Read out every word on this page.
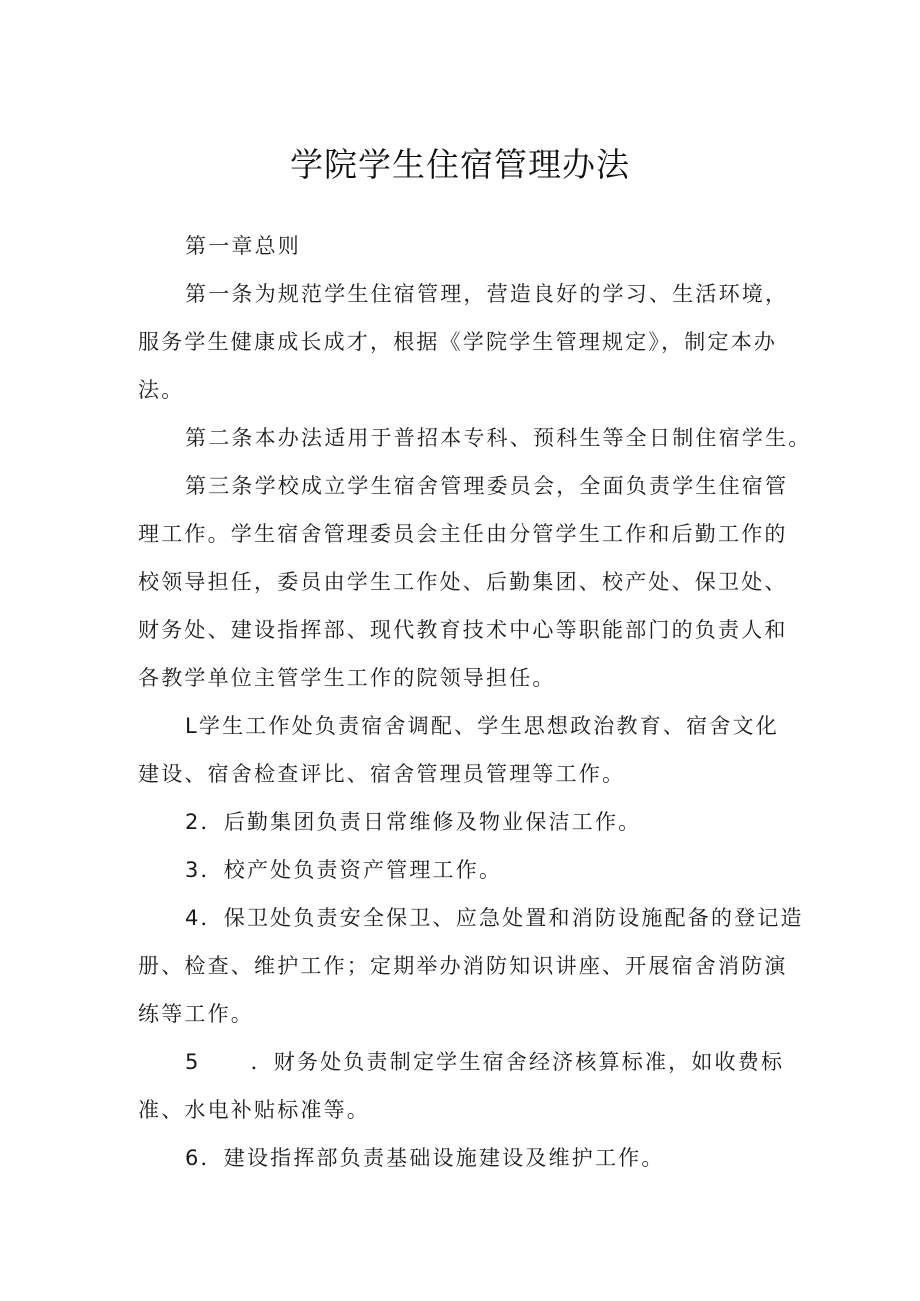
学院学生住宿管理办法

第一章总则

第一条为规范学生住宿管理，营造良好的学习、生活环境，

服务学生健康成长成才，根据《学院学生管理规定》，制定本办

法。

第二条本办法适用于普招本专科、预科生等全日制住宿学生。

第三条学校成立学生宿舍管理委员会，全面负责学生住宿管

理工作。学生宿舍管理委员会主任由分管学生工作和后勤工作的

校领导担任，委员由学生工作处、后勤集团、校产处、保卫处、

财务处、建设指挥部、现代教育技术中心等职能部门的负责人和

各教学单位主管学生工作的院领导担任。

L学生工作处负责宿舍调配、学生思想政治教育、宿舍文化

建设、宿舍检查评比、宿舍管理员管理等工作。

2．后勤集团负责日常维修及物业保洁工作。

3．校产处负责资产管理工作。

4．保卫处负责安全保卫、应急处置和消防设施配备的登记造

册、检查、维护工作；定期举办消防知识讲座、开展宿舍消防演

练等工作。

5 ．财务处负责制定学生宿舍经济核算标准，如收费标

准、水电补贴标准等。

6．建设指挥部负责基础设施建设及维护工作。
